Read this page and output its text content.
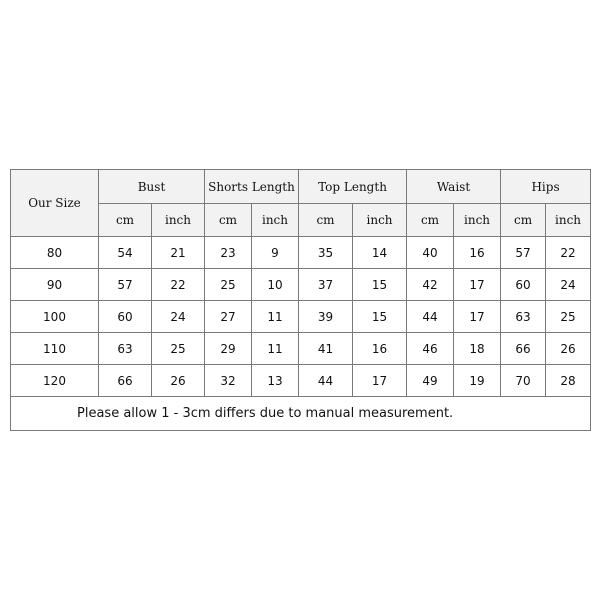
Our Size	Bust		Shorts Length		Top Length		Waist		Hips	
	cm	inch	cm	inch	cm	inch	cm	inch	cm	inch
80	54	21	23	9	35	14	40	16	57	22
90	57	22	25	10	37	15	42	17	60	24
100	60	24	27	11	39	15	44	17	63	25
110	63	25	29	11	41	16	46	18	66	26
120	66	26	32	13	44	17	49	19	70	28
Please allow 1 - 3cm differs due to manual measurement.										
